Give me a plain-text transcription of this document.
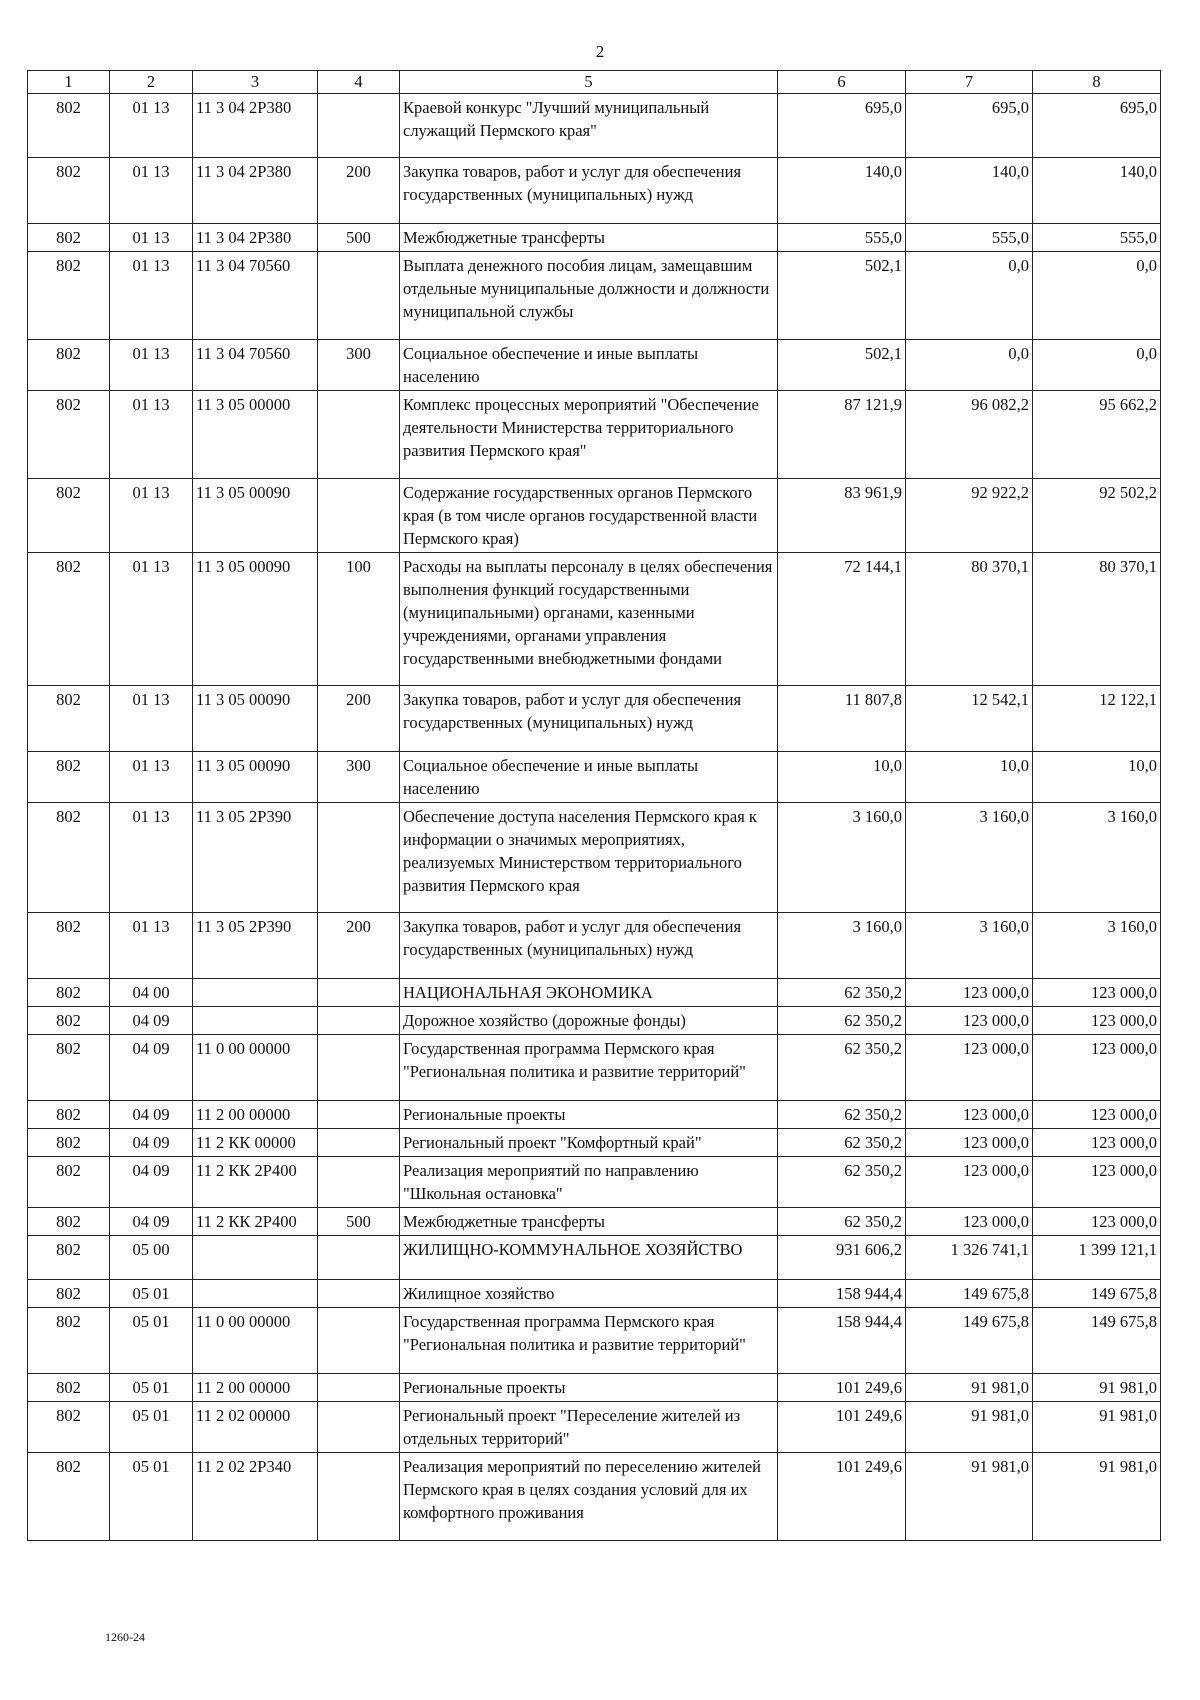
2
1	2	3	4	5	6	7	8
802	01 13	11 3 04 2Р380		Краевой конкурс "Лучший муниципальный служащий Пермского края"	695,0	695,0	695,0
802	01 13	11 3 04 2Р380	200	Закупка товаров, работ и услуг для обеспечения государственных (муниципальных) нужд	140,0	140,0	140,0
802	01 13	11 3 04 2Р380	500	Межбюджетные трансферты	555,0	555,0	555,0
802	01 13	11 3 04 70560		Выплата денежного пособия лицам, замещавшим отдельные муниципальные должности и должности муниципальной службы	502,1	0,0	0,0
802	01 13	11 3 04 70560	300	Социальное обеспечение и иные выплаты населению	502,1	0,0	0,0
802	01 13	11 3 05 00000		Комплекс процессных мероприятий "Обеспечение деятельности Министерства территориального развития Пермского края"	87 121,9	96 082,2	95 662,2
802	01 13	11 3 05 00090		Содержание государственных органов Пермского края (в том числе органов государственной власти Пермского края)	83 961,9	92 922,2	92 502,2
802	01 13	11 3 05 00090	100	Расходы на выплаты персоналу в целях обеспечения выполнения функций государственными (муниципальными) органами, казенными учреждениями, органами управления государственными внебюджетными фондами	72 144,1	80 370,1	80 370,1
802	01 13	11 3 05 00090	200	Закупка товаров, работ и услуг для обеспечения государственных (муниципальных) нужд	11 807,8	12 542,1	12 122,1
802	01 13	11 3 05 00090	300	Социальное обеспечение и иные выплаты населению	10,0	10,0	10,0
802	01 13	11 3 05 2Р390		Обеспечение доступа населения Пермского края к информации о значимых мероприятиях, реализуемых Министерством территориального развития Пермского края	3 160,0	3 160,0	3 160,0
802	01 13	11 3 05 2Р390	200	Закупка товаров, работ и услуг для обеспечения государственных (муниципальных) нужд	3 160,0	3 160,0	3 160,0
802	04 00			НАЦИОНАЛЬНАЯ ЭКОНОМИКА	62 350,2	123 000,0	123 000,0
802	04 09			Дорожное хозяйство (дорожные фонды)	62 350,2	123 000,0	123 000,0
802	04 09	11 0 00 00000		Государственная программа Пермского края "Региональная политика и развитие территорий"	62 350,2	123 000,0	123 000,0
802	04 09	11 2 00 00000		Региональные проекты	62 350,2	123 000,0	123 000,0
802	04 09	11 2 КК 00000		Региональный проект "Комфортный край"	62 350,2	123 000,0	123 000,0
802	04 09	11 2 КК 2Р400		Реализация мероприятий по направлению "Школьная остановка"	62 350,2	123 000,0	123 000,0
802	04 09	11 2 КК 2Р400	500	Межбюджетные трансферты	62 350,2	123 000,0	123 000,0
802	05 00			ЖИЛИЩНО-КОММУНАЛЬНОЕ ХОЗЯЙСТВО	931 606,2	1 326 741,1	1 399 121,1
802	05 01			Жилищное хозяйство	158 944,4	149 675,8	149 675,8
802	05 01	11 0 00 00000		Государственная программа Пермского края "Региональная политика и развитие территорий"	158 944,4	149 675,8	149 675,8
802	05 01	11 2 00 00000		Региональные проекты	101 249,6	91 981,0	91 981,0
802	05 01	11 2 02 00000		Региональный проект "Переселение жителей из отдельных территорий"	101 249,6	91 981,0	91 981,0
802	05 01	11 2 02 2Р340		Реализация мероприятий по переселению жителей Пермского края в целях создания условий для их комфортного проживания	101 249,6	91 981,0	91 981,0
1260-24
